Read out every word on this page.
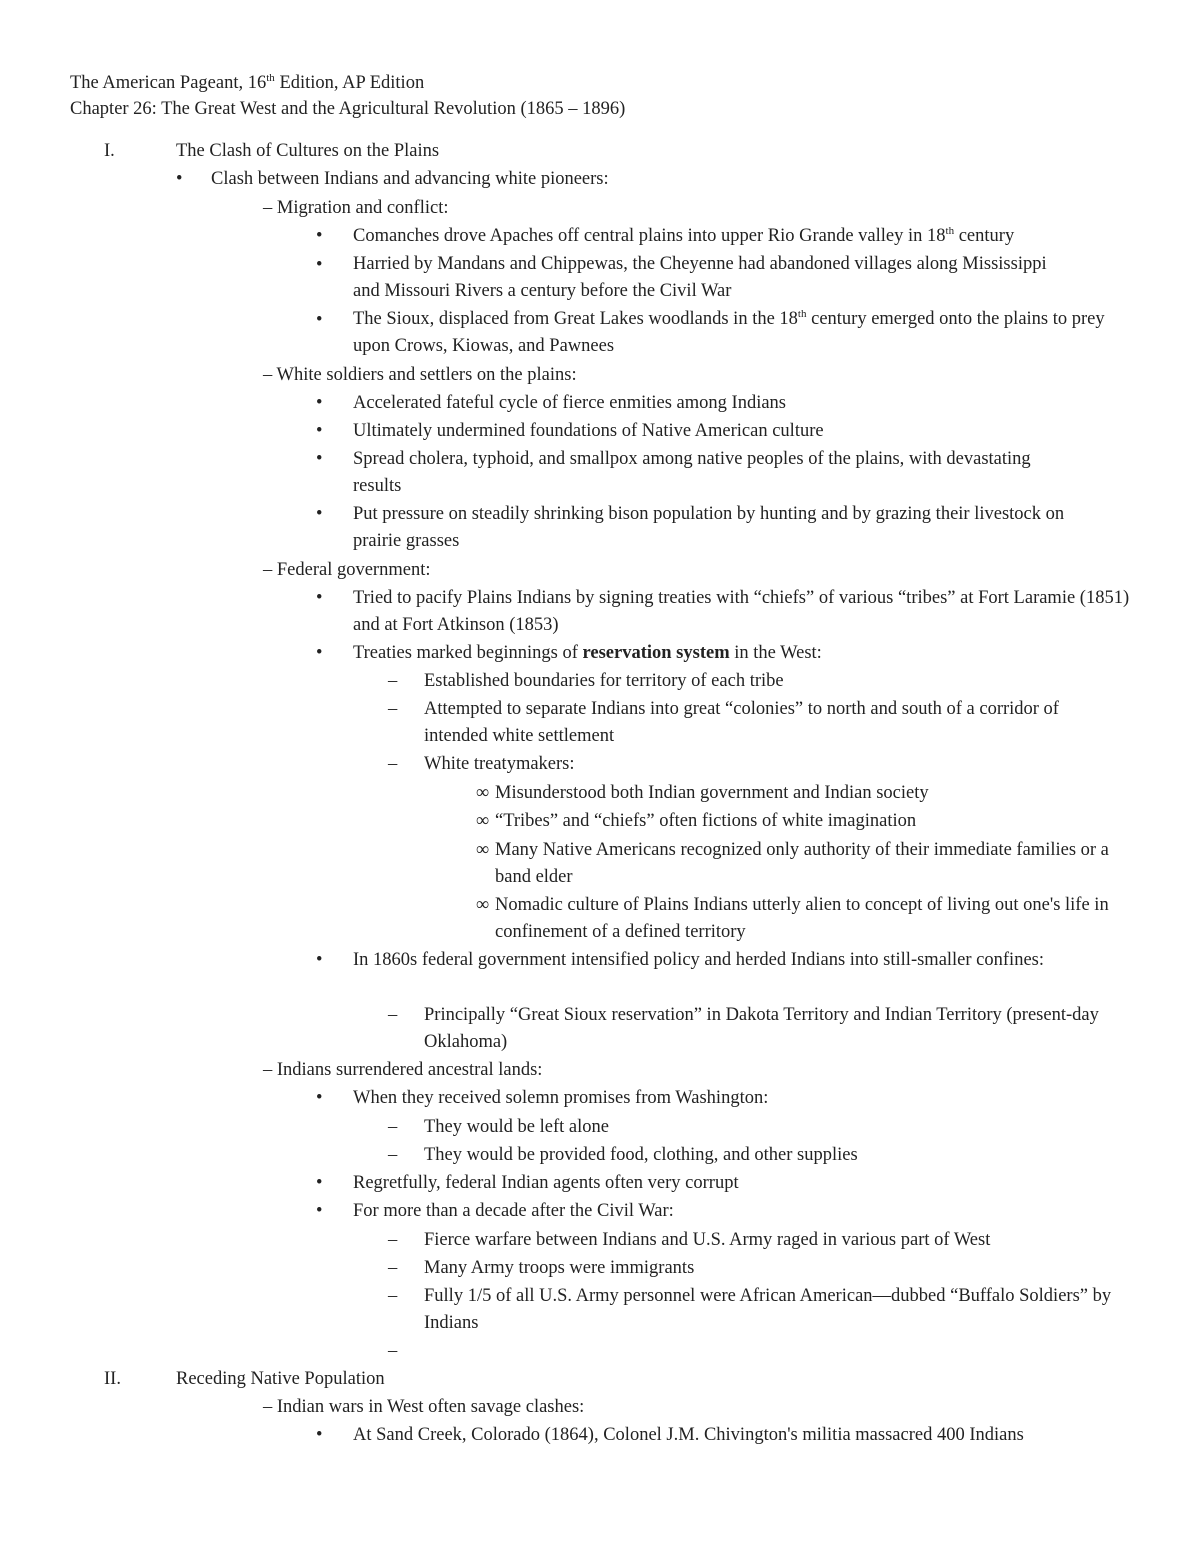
The American Pageant, 16th Edition, AP Edition
Chapter 26: The Great West and the Agricultural Revolution (1865 – 1896)
I.	The Clash of Cultures on the Plains
• Clash between Indians and advancing white pioneers:
– Migration and conflict:
• Comanches drove Apaches off central plains into upper Rio Grande valley in 18th century
• Harried by Mandans and Chippewas, the Cheyenne had abandoned villages along Mississippi and Missouri Rivers a century before the Civil War
• The Sioux, displaced from Great Lakes woodlands in the 18th century emerged onto the plains to prey upon Crows, Kiowas, and Pawnees
– White soldiers and settlers on the plains:
• Accelerated fateful cycle of fierce enmities among Indians
• Ultimately undermined foundations of Native American culture
• Spread cholera, typhoid, and smallpox among native peoples of the plains, with devastating results
• Put pressure on steadily shrinking bison population by hunting and by grazing their livestock on prairie grasses
– Federal government:
• Tried to pacify Plains Indians by signing treaties with “chiefs” of various “tribes” at Fort Laramie (1851) and at Fort Atkinson (1853)
• Treaties marked beginnings of reservation system in the West:
– Established boundaries for territory of each tribe
– Attempted to separate Indians into great “colonies” to north and south of a corridor of intended white settlement
– White treatymakers:
∞ Misunderstood both Indian government and Indian society
∞ “Tribes” and “chiefs” often fictions of white imagination
∞ Many Native Americans recognized only authority of their immediate families or a band elder
∞ Nomadic culture of Plains Indians utterly alien to concept of living out one's life in confinement of a defined territory
• In 1860s federal government intensified policy and herded Indians into still-smaller confines:
– Principally “Great Sioux reservation” in Dakota Territory and Indian Territory (present-day Oklahoma)
– Indians surrendered ancestral lands:
• When they received solemn promises from Washington:
– They would be left alone
– They would be provided food, clothing, and other supplies
• Regretfully, federal Indian agents often very corrupt
• For more than a decade after the Civil War:
– Fierce warfare between Indians and U.S. Army raged in various part of West
– Many Army troops were immigrants
– Fully 1/5 of all U.S. Army personnel were African American—dubbed “Buffalo Soldiers” by Indians
–
II.	Receding Native Population
– Indian wars in West often savage clashes:
• At Sand Creek, Colorado (1864), Colonel J.M. Chivington's militia massacred 400 Indians
